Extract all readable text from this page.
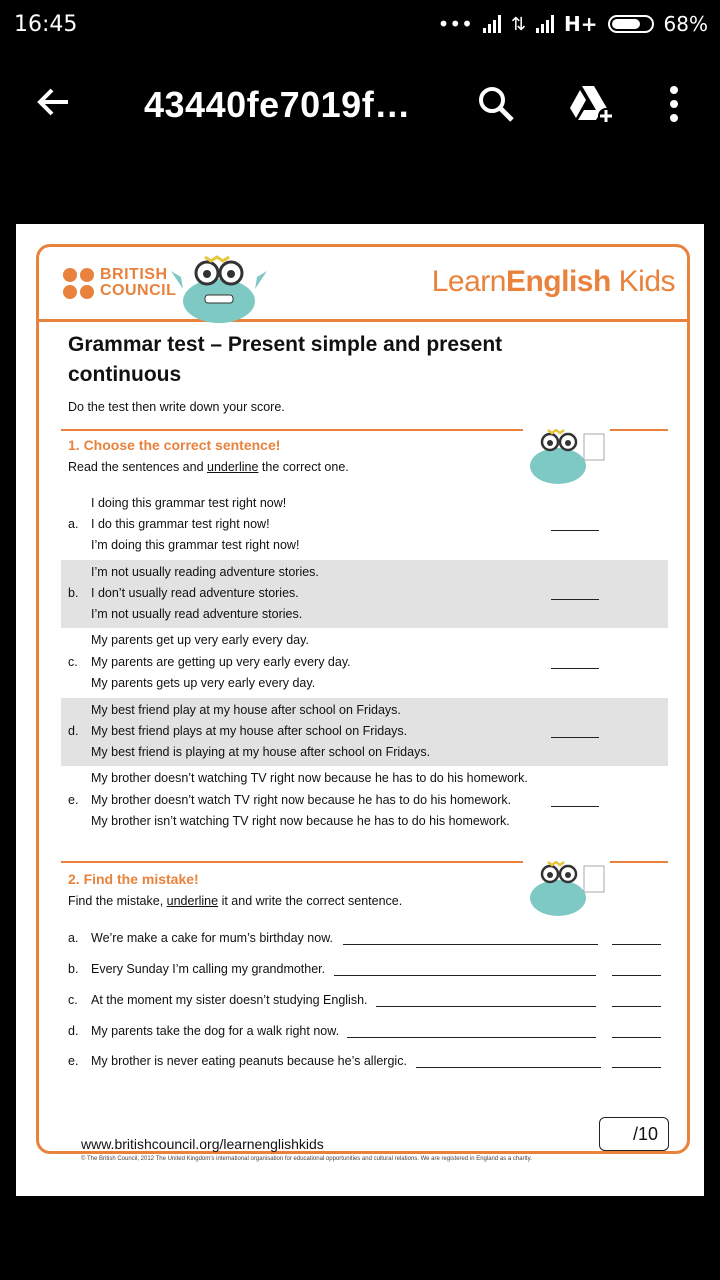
16:45	••• ⇅ H+	68%
43440fe7019f…
BRITISH
COUNCIL	LearnEnglish Kids
/10
www.britishcouncil.org/learnenglishkids
© The British Council, 2012 The United Kingdom’s international organisation for educational opportunities and cultural relations. We are registered in England as a charity.
Grammar test – Present simple and present continuous
Do the test then write down your score.
1. Choose the correct sentence!
Read the sentences and underline the correct one.
a.
I doing this grammar test right now!
I do this grammar test right now!
I’m doing this grammar test right now!
b.
I’m not usually reading adventure stories.
I don’t usually read adventure stories.
I’m not usually read adventure stories.
c.
My parents get up very early every day.
My parents are getting up very early every day.
My parents gets up very early every day.
d.
My best friend play at my house after school on Fridays.
My best friend plays at my house after school on Fridays.
My best friend is playing at my house after school on Fridays.
e.
My brother doesn’t watching TV right now because he has to do his homework.
My brother doesn’t watch TV right now because he has to do his homework.
My brother isn’t watching TV right now because he has to do his homework.
2. Find the mistake!
Find the mistake, underline it and write the correct sentence.
a. We’re make a cake for mum’s birthday now.
b. Every Sunday I’m calling my grandmother.
c. At the moment my sister doesn’t studying English.
d. My parents take the dog for a walk right now.
e. My brother is never eating peanuts because he’s allergic.
